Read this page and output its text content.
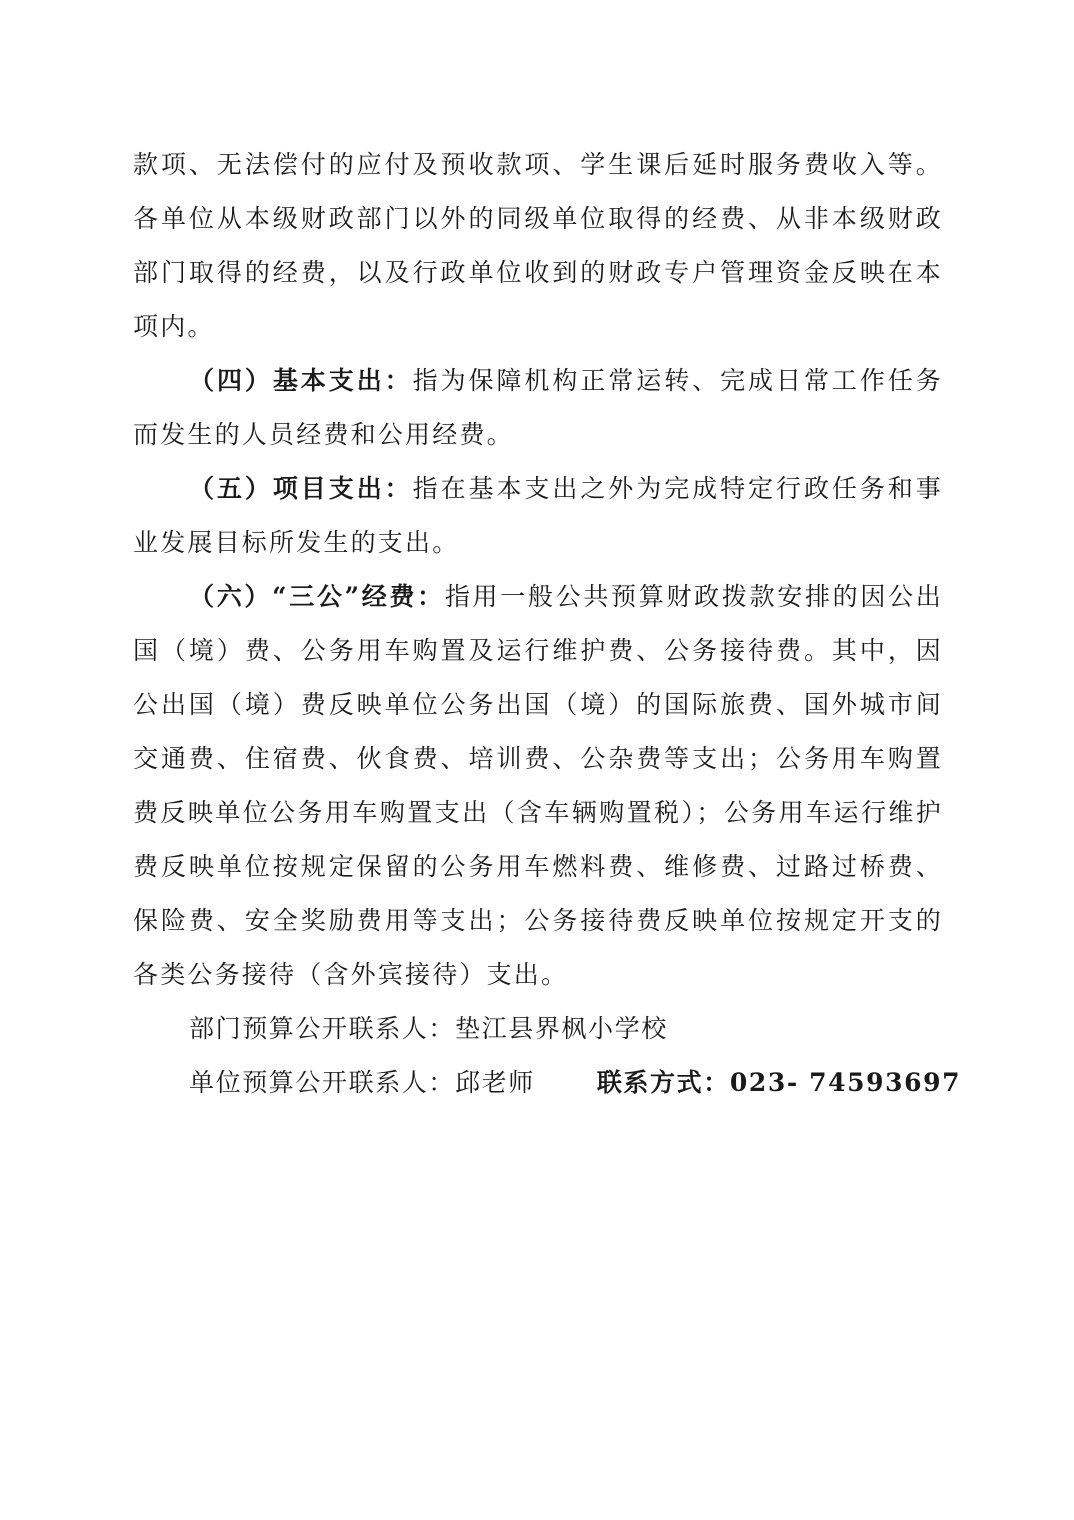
款项、无法偿付的应付及预收款项、学生课后延时服务费收入等。各单位从本级财政部门以外的同级单位取得的经费、从非本级财政部门取得的经费，以及行政单位收到的财政专户管理资金反映在本项内。

（四）基本支出：指为保障机构正常运转、完成日常工作任务而发生的人员经费和公用经费。

（五）项目支出：指在基本支出之外为完成特定行政任务和事业发展目标所发生的支出。

（六）“三公”经费：指用一般公共预算财政拨款安排的因公出国（境）费、公务用车购置及运行维护费、公务接待费。其中，因公出国（境）费反映单位公务出国（境）的国际旅费、国外城市间交通费、住宿费、伙食费、培训费、公杂费等支出；公务用车购置费反映单位公务用车购置支出（含车辆购置税）；公务用车运行维护费反映单位按规定保留的公务用车燃料费、维修费、过路过桥费、保险费、安全奖励费用等支出；公务接待费反映单位按规定开支的各类公务接待（含外宾接待）支出。

部门预算公开联系人：垫江县界枫小学校

单位预算公开联系人：邱老师 联系方式：023- 74593697
